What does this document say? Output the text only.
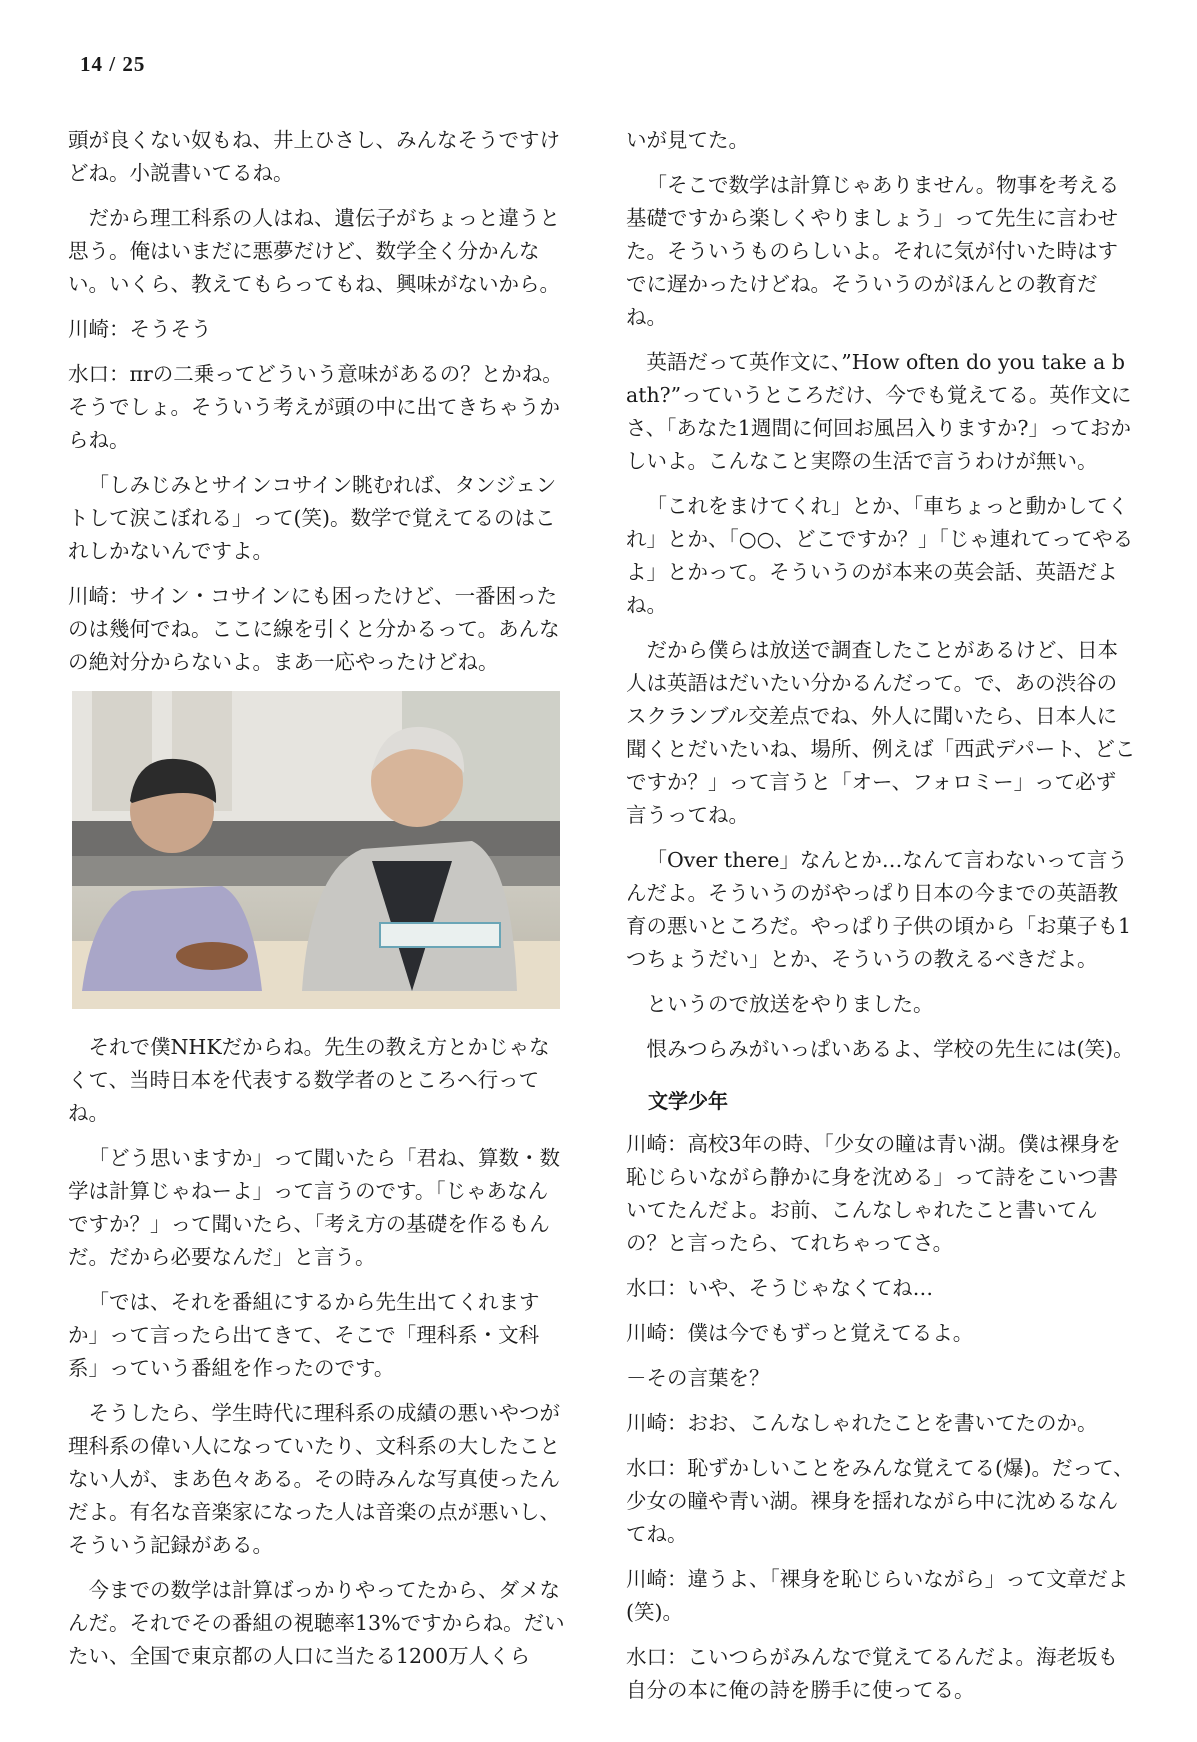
14 / 25

頭が良くない奴もね、井上ひさし、みんなそうですけどね。小説書いてるね。

だから理工科系の人はね、遺伝子がちょっと違うと思う。俺はいまだに悪夢だけど、数学全く分かんない。いくら、教えてもらってもね、興味がないから。

川崎：そうそう

水口：πrの二乗ってどういう意味があるの？とかね。そうでしょ。そういう考えが頭の中に出てきちゃうからね。

「しみじみとサインコサイン眺むれば、タンジェントして涙こぼれる」って(笑)。数学で覚えてるのはこれしかないんですよ。

川崎：サイン・コサインにも困ったけど、一番困ったのは幾何でね。ここに線を引くと分かるって。あんなの絶対分からないよ。まあ一応やったけどね。

それで僕NHKだからね。先生の教え方とかじゃなくて、当時日本を代表する数学者のところへ行ってね。

「どう思いますか」って聞いたら「君ね、算数・数学は計算じゃねーよ」って言うのです。「じゃあなんですか？」って聞いたら、「考え方の基礎を作るもんだ。だから必要なんだ」と言う。

「では、それを番組にするから先生出てくれますか」って言ったら出てきて、そこで「理科系・文科系」っていう番組を作ったのです。

そうしたら、学生時代に理科系の成績の悪いやつが理科系の偉い人になっていたり、文科系の大したことない人が、まあ色々ある。その時みんな写真使ったんだよ。有名な音楽家になった人は音楽の点が悪いし、そういう記録がある。

今までの数学は計算ばっかりやってたから、ダメなんだ。それでその番組の視聴率13%ですからね。だいたい、全国で東京都の人口に当たる1200万人くら

いが見てた。

「そこで数学は計算じゃありません。物事を考える基礎ですから楽しくやりましょう」って先生に言わせた。そういうものらしいよ。それに気が付いた時はすでに遅かったけどね。そういうのがほんとの教育だね。

英語だって英作文に、”How often do you take a bath?”っていうところだけ、今でも覚えてる。英作文にさ、「あなた1週間に何回お風呂入りますか?」っておかしいよ。こんなこと実際の生活で言うわけが無い。

「これをまけてくれ」とか、「車ちょっと動かしてくれ」とか、「○○、どこですか？」「じゃ連れてってやるよ」とかって。そういうのが本来の英会話、英語だよね。

だから僕らは放送で調査したことがあるけど、日本人は英語はだいたい分かるんだって。で、あの渋谷のスクランブル交差点でね、外人に聞いたら、日本人に聞くとだいたいね、場所、例えば「西武デパート、どこですか？」って言うと「オー、フォロミー」って必ず言うってね。

「Over there」なんとか…なんて言わないって言うんだよ。そういうのがやっぱり日本の今までの英語教育の悪いところだ。やっぱり子供の頃から「お菓子も1つちょうだい」とか、そういうの教えるべきだよ。

というので放送をやりました。

恨みつらみがいっぱいあるよ、学校の先生には(笑)。

文学少年

川崎：高校3年の時、「少女の瞳は青い湖。僕は裸身を恥じらいながら静かに身を沈める」って詩をこいつ書いてたんだよ。お前、こんなしゃれたこと書いてんの？と言ったら、てれちゃってさ。

水口：いや、そうじゃなくてね…

川崎：僕は今でもずっと覚えてるよ。

－その言葉を？

川崎：おお、こんなしゃれたことを書いてたのか。

水口：恥ずかしいことをみんな覚えてる(爆)。だって、少女の瞳や青い湖。裸身を揺れながら中に沈めるなんてね。

川崎：違うよ、「裸身を恥じらいながら」って文章だよ(笑)。

水口：こいつらがみんなで覚えてるんだよ。海老坂も自分の本に俺の詩を勝手に使ってる。
